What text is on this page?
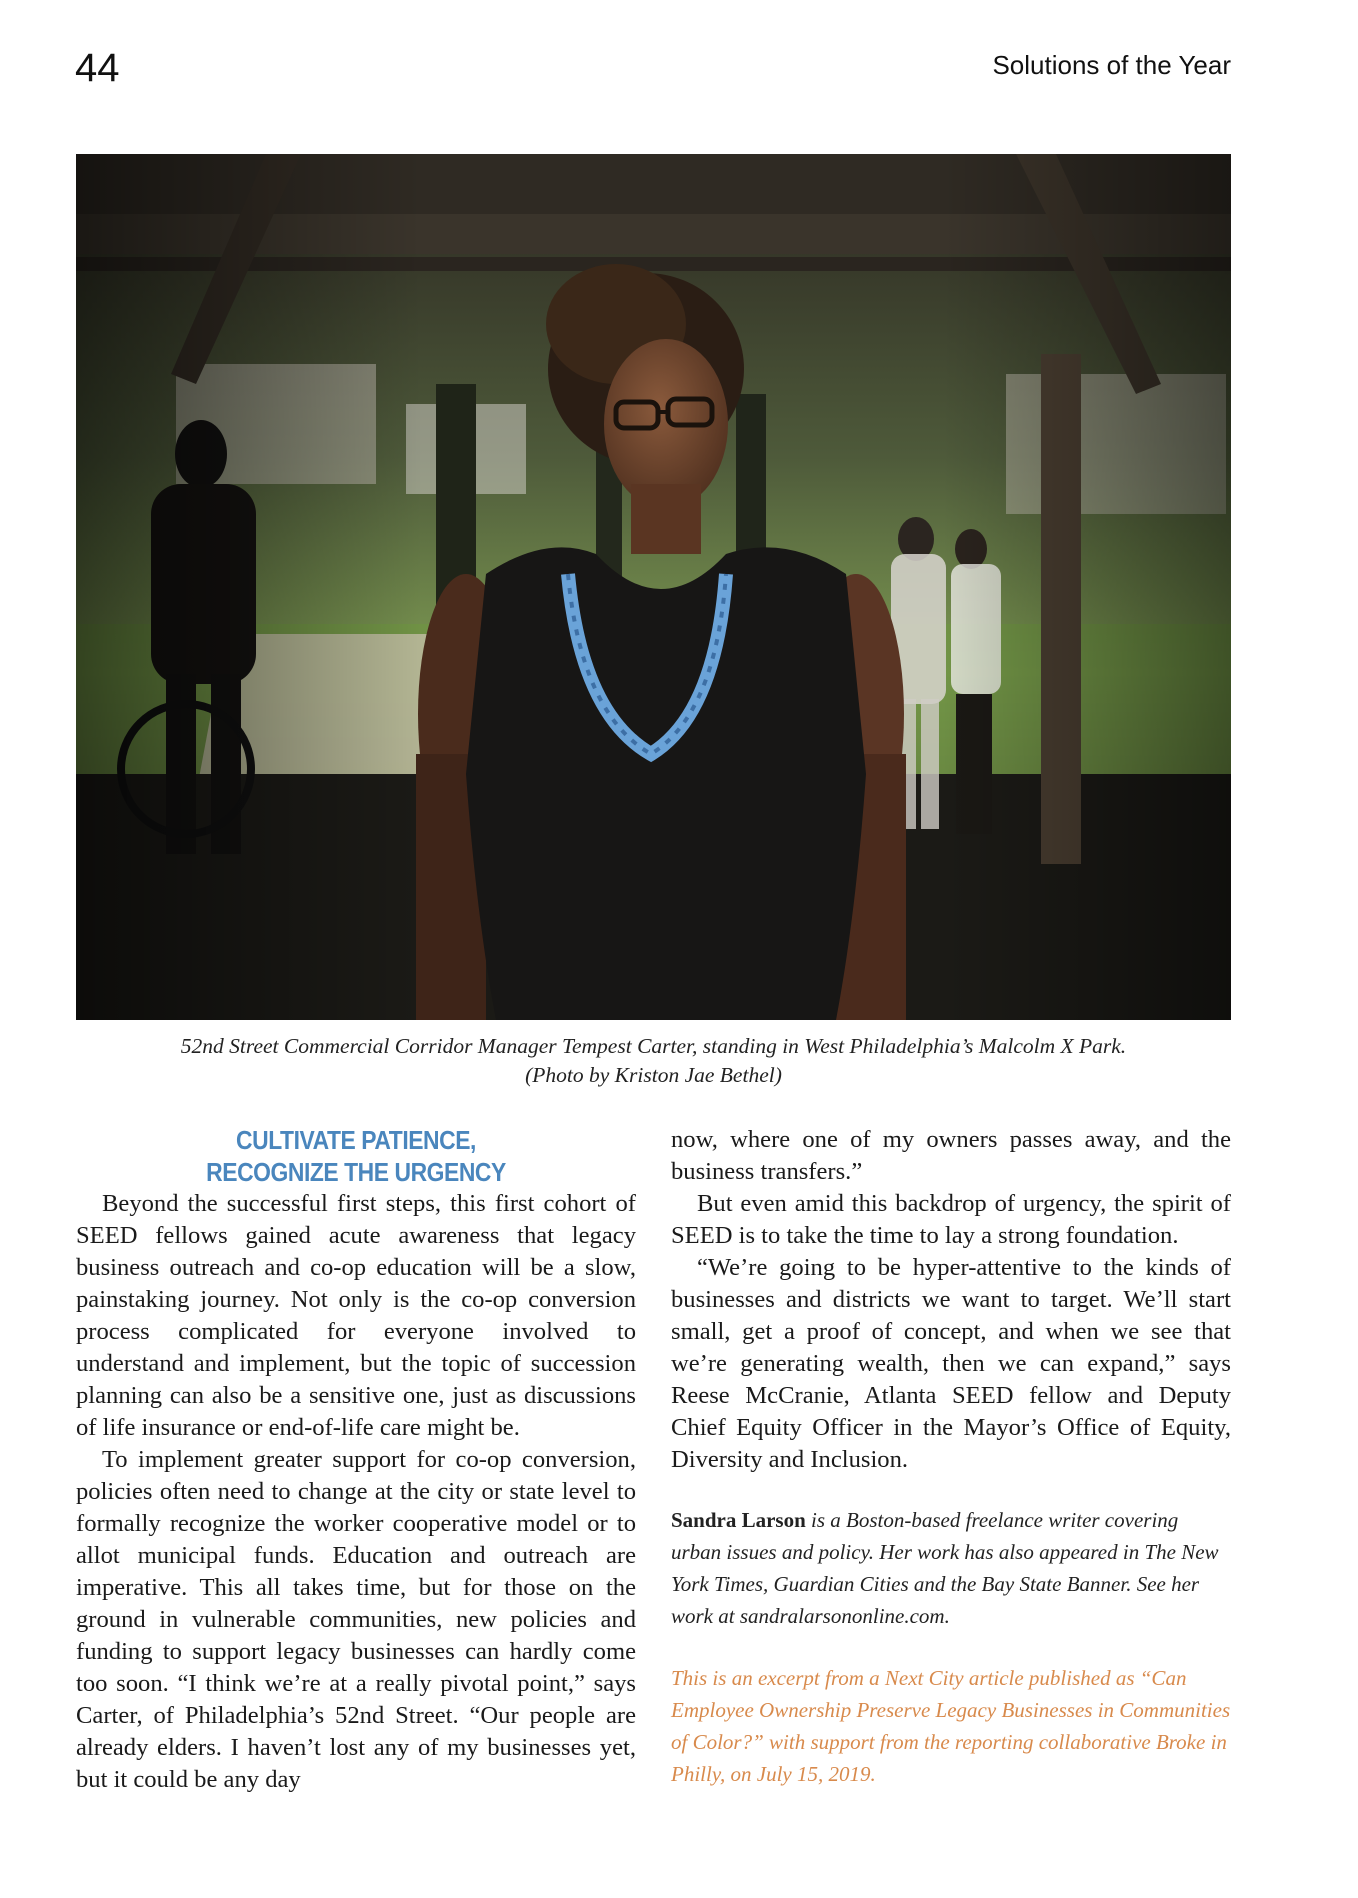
44	Solutions of the Year
52nd Street Commercial Corridor Manager Tempest Carter, standing in West Philadelphia’s Malcolm X Park.
(Photo by Kriston Jae Bethel)
CULTIVATE PATIENCE,
RECOGNIZE THE URGENCY

Beyond the successful first steps, this first cohort of SEED fellows gained acute awareness that legacy business outreach and co-op education will be a slow, painstaking journey. Not only is the co-op conversion process complicated for everyone involved to understand and implement, but the topic of succession planning can also be a sensitive one, just as discussions of life insurance or end-of-life care might be.

To implement greater support for co-op conversion, policies often need to change at the city or state level to formally recognize the worker cooperative model or to allot municipal funds. Education and outreach are imperative. This all takes time, but for those on the ground in vulnerable communities, new policies and funding to support legacy businesses can hardly come too soon. “I think we’re at a really pivotal point,” says Carter, of Philadelphia’s 52nd Street. “Our people are already elders. I haven’t lost any of my businesses yet, but it could be any day

now, where one of my owners passes away, and the business transfers.”

But even amid this backdrop of urgency, the spirit of SEED is to take the time to lay a strong foundation.

“We’re going to be hyper-attentive to the kinds of businesses and districts we want to target. We’ll start small, get a proof of concept, and when we see that we’re generating wealth, then we can expand,” says Reese McCranie, Atlanta SEED fellow and Deputy Chief Equity Officer in the Mayor’s Office of Equity, Diversity and Inclusion.

Sandra Larson is a Boston-based freelance writer covering urban issues and policy. Her work has also appeared in The New York Times, Guardian Cities and the Bay State Banner. See her work at sandralarsononline.com.

This is an excerpt from a Next City article published as “Can Employee Ownership Preserve Legacy Businesses in Communities of Color?” with support from the reporting collaborative Broke in Philly, on July 15, 2019.
